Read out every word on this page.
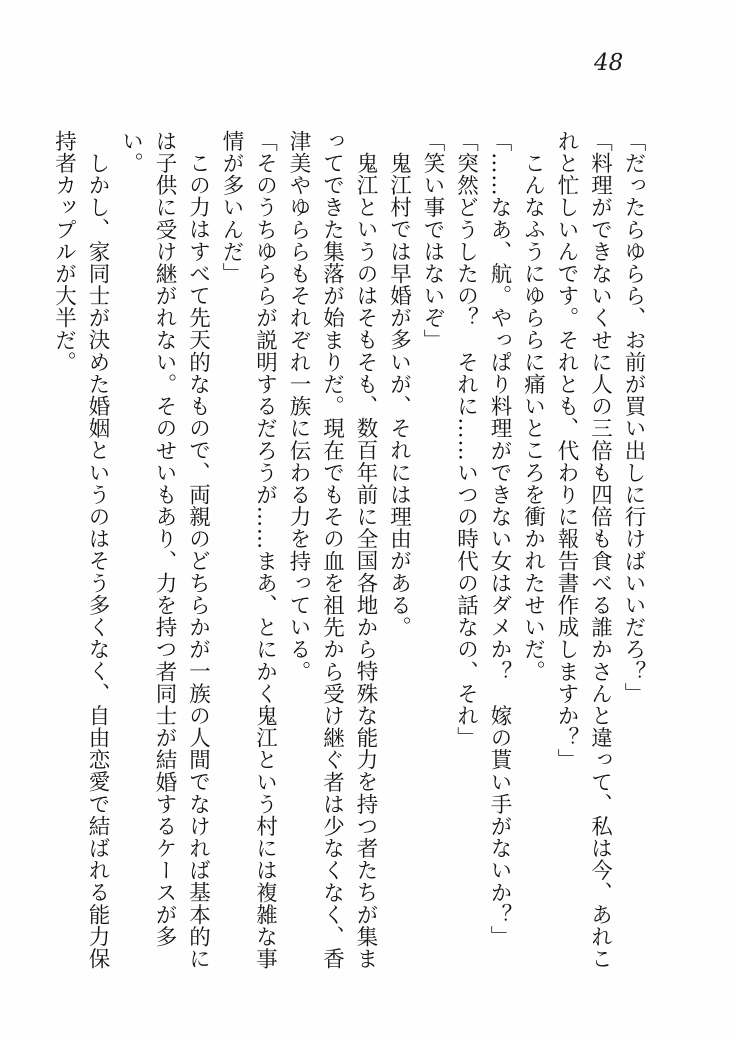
48

「だったらゆらら、お前が買い出しに行けばいいだろ？」

「料理ができないくせに人の三倍も四倍も食べる誰かさんと違って、私は今、あれこれと忙しいんです。それとも、代わりに報告書作成しますか？」

こんなふうにゆららに痛いところを衝かれたせいだ。

「……なあ、航。やっぱり料理ができない女はダメか？　嫁の貰い手がないか？」

「突然どうしたの？　それに……いつの時代の話なの、それ」

「笑い事ではないぞ」

鬼江村では早婚が多いが、それには理由がある。

鬼江というのはそもそも、数百年前に全国各地から特殊な能力を持つ者たちが集まってできた集落が始まりだ。現在でもその血を祖先から受け継ぐ者は少なくなく、香津美やゆららもそれぞれ一族に伝わる力を持っている。

「そのうちゆららが説明するだろうが……まあ、とにかく鬼江という村には複雑な事情が多いんだ」

この力はすべて先天的なもので、両親のどちらかが一族の人間でなければ基本的には子供に受け継がれない。そのせいもあり、力を持つ者同士が結婚するケースが多い。

しかし、家同士が決めた婚姻というのはそう多くなく、自由恋愛で結ばれる能力保持者カップルが大半だ。
